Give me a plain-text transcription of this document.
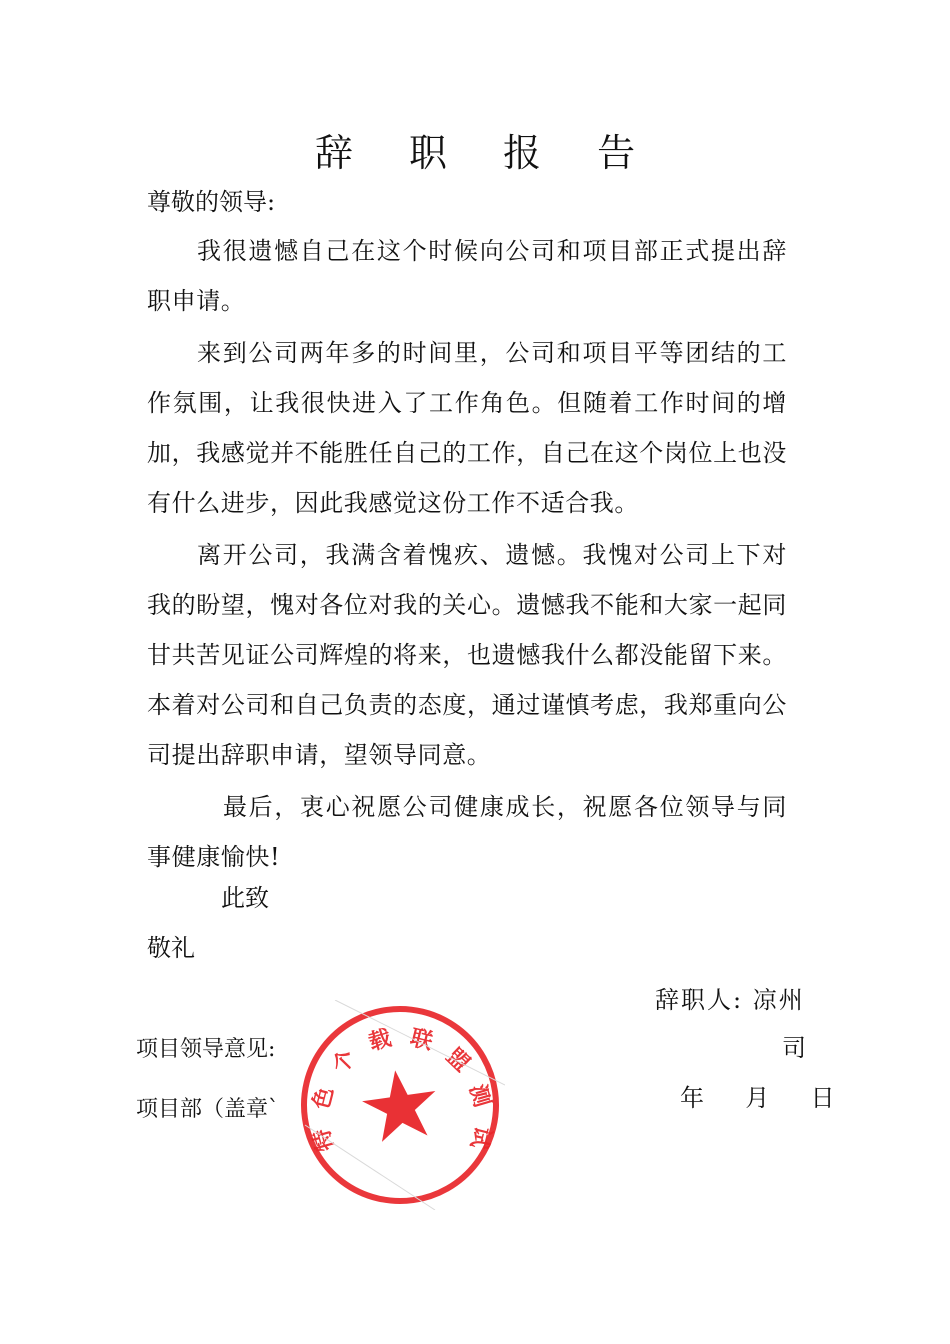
辞 职 报 告
尊敬的领导:

我很遗憾自己在这个时候向公司和项目部正式提出辞职申请。

来到公司两年多的时间里，公司和项目平等团结的工作氛围，让我很快进入了工作角色。但随着工作时间的增加，我感觉并不能胜任自己的工作，自己在这个岗位上也没有什么进步，因此我感觉这份工作不适合我。

离开公司，我满含着愧疚、遗憾。我愧对公司上下对我的盼望，愧对各位对我的关心。遗憾我不能和大家一起同甘共苦见证公司辉煌的将来，也遗憾我什么都没能留下来。本着对公司和自己负责的态度，通过谨慎考虑，我郑重向公司提出辞职申请，望领导同意。

最后，衷心祝愿公司健康成长，祝愿各位领导与同事健康愉快!

此致
敬礼
辞职人: 凉州
司
年 月 日
项目领导意见:
项目部（盖章`
特色个载联盟测试专
